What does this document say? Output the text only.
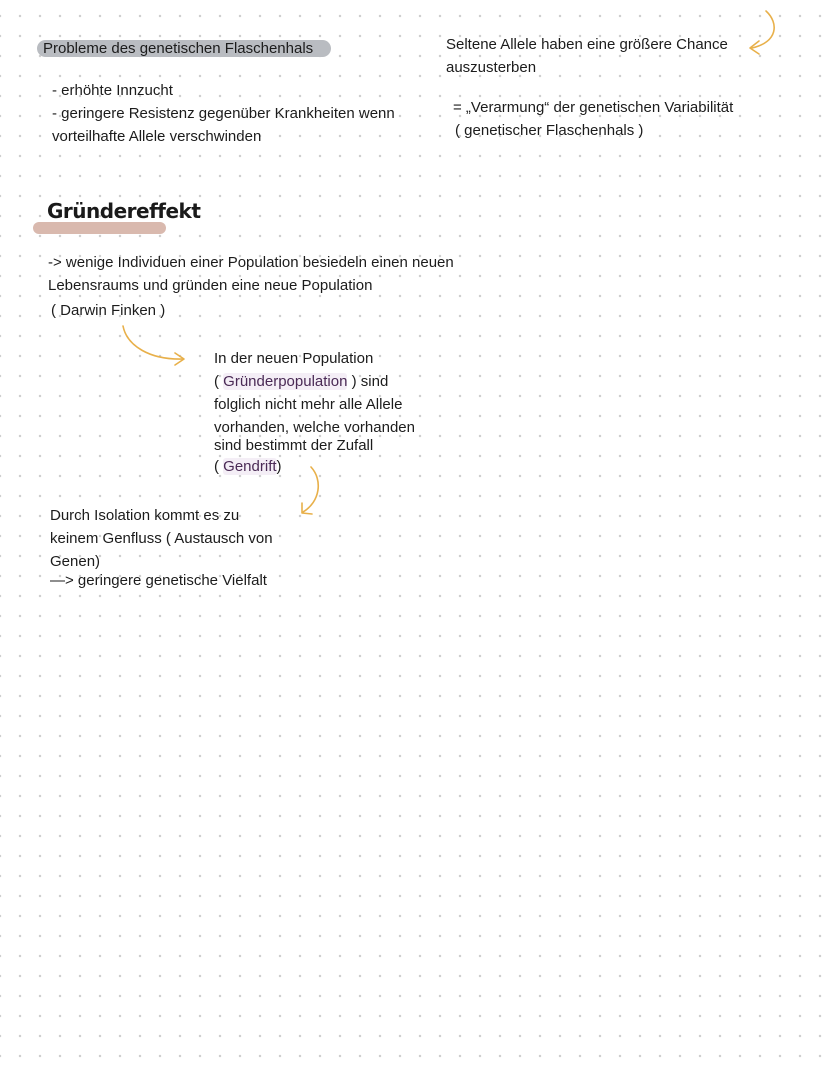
Probleme des genetischen Flaschenhals

- erhöhte Innzucht

- geringere Resistenz gegenüber Krankheiten wenn

vorteilhafte Allele verschwinden

Seltene Allele haben eine größere Chance

auszusterben

= „Verarmung“ der genetischen Variabilität

( genetischer Flaschenhals )

Gründereffekt

-> wenige Individuen einer Population besiedeln einen neuen

Lebensraums und gründen eine neue Population

( Darwin Finken )

In der neuen Population

( Gründerpopulation ) sind

folglich nicht mehr alle Allele

vorhanden, welche vorhanden

sind bestimmt der Zufall

( Gendrift)

Durch Isolation kommt es zu

keinem Genfluss ( Austausch von

Genen)

—> geringere genetische Vielfalt
